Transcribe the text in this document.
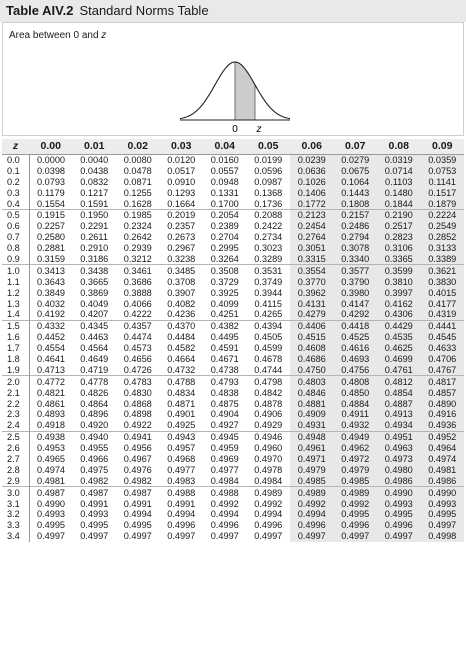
Table AIV.2 Standard Norms Table
0 z
Area between 0 and z
z	0.00	0.01	0.02	0.03	0.04	0.05	0.06	0.07	0.08	0.09
0.0	0.0000	0.0040	0.0080	0.0120	0.0160	0.0199	0.0239	0.0279	0.0319	0.0359
0.1	0.0398	0.0438	0.0478	0.0517	0.0557	0.0596	0.0636	0.0675	0.0714	0.0753
0.2	0.0793	0.0832	0.0871	0.0910	0.0948	0.0987	0.1026	0.1064	0.1103	0.1141
0.3	0.1179	0.1217	0.1255	0.1293	0.1331	0.1368	0.1406	0.1443	0.1480	0.1517
0.4	0.1554	0.1591	0.1628	0.1664	0.1700	0.1736	0.1772	0.1808	0.1844	0.1879
0.5	0.1915	0.1950	0.1985	0.2019	0.2054	0.2088	0.2123	0.2157	0.2190	0.2224
0.6	0.2257	0.2291	0.2324	0.2357	0.2389	0.2422	0.2454	0.2486	0.2517	0.2549
0.7	0.2580	0.2611	0.2642	0.2673	0.2704	0.2734	0.2764	0.2794	0.2823	0.2852
0.8	0.2881	0.2910	0.2939	0.2967	0.2995	0.3023	0.3051	0.3078	0.3106	0.3133
0.9	0.3159	0.3186	0.3212	0.3238	0.3264	0.3289	0.3315	0.3340	0.3365	0.3389
1.0	0.3413	0.3438	0.3461	0.3485	0.3508	0.3531	0.3554	0.3577	0.3599	0.3621
1.1	0.3643	0.3665	0.3686	0.3708	0.3729	0.3749	0.3770	0.3790	0.3810	0.3830
1.2	0.3849	0.3869	0.3888	0.3907	0.3925	0.3944	0.3962	0.3980	0.3997	0.4015
1.3	0.4032	0.4049	0.4066	0.4082	0.4099	0.4115	0.4131	0.4147	0.4162	0.4177
1.4	0.4192	0.4207	0.4222	0.4236	0.4251	0.4265	0.4279	0.4292	0.4306	0.4319
1.5	0.4332	0.4345	0.4357	0.4370	0.4382	0.4394	0.4406	0.4418	0.4429	0.4441
1.6	0.4452	0.4463	0.4474	0.4484	0.4495	0.4505	0.4515	0.4525	0.4535	0.4545
1.7	0.4554	0.4564	0.4573	0.4582	0.4591	0.4599	0.4608	0.4616	0.4625	0.4633
1.8	0.4641	0.4649	0.4656	0.4664	0.4671	0.4678	0.4686	0.4693	0.4699	0.4706
1.9	0.4713	0.4719	0.4726	0.4732	0.4738	0.4744	0.4750	0.4756	0.4761	0.4767
2.0	0.4772	0.4778	0.4783	0.4788	0.4793	0.4798	0.4803	0.4808	0.4812	0.4817
2.1	0.4821	0.4826	0.4830	0.4834	0.4838	0.4842	0.4846	0.4850	0.4854	0.4857
2.2	0.4861	0.4864	0.4868	0.4871	0.4875	0.4878	0.4881	0.4884	0.4887	0.4890
2.3	0.4893	0.4896	0.4898	0.4901	0.4904	0.4906	0.4909	0.4911	0.4913	0.4916
2.4	0.4918	0.4920	0.4922	0.4925	0.4927	0.4929	0.4931	0.4932	0.4934	0.4936
2.5	0.4938	0.4940	0.4941	0.4943	0.4945	0.4946	0.4948	0.4949	0.4951	0.4952
2.6	0.4953	0.4955	0.4956	0.4957	0.4959	0.4960	0.4961	0.4962	0.4963	0.4964
2.7	0.4965	0.4966	0.4967	0.4968	0.4969	0.4970	0.4971	0.4972	0.4973	0.4974
2.8	0.4974	0.4975	0.4976	0.4977	0.4977	0.4978	0.4979	0.4979	0.4980	0.4981
2.9	0.4981	0.4982	0.4982	0.4983	0.4984	0.4984	0.4985	0.4985	0.4986	0.4986
3.0	0.4987	0.4987	0.4987	0.4988	0.4988	0.4989	0.4989	0.4989	0.4990	0.4990
3.1	0.4990	0.4991	0.4991	0.4991	0.4992	0.4992	0.4992	0.4992	0.4993	0.4993
3.2	0.4993	0.4993	0.4994	0.4994	0.4994	0.4994	0.4994	0.4995	0.4995	0.4995
3.3	0.4995	0.4995	0.4995	0.4996	0.4996	0.4996	0.4996	0.4996	0.4996	0.4997
3.4	0.4997	0.4997	0.4997	0.4997	0.4997	0.4997	0.4997	0.4997	0.4997	0.4998
